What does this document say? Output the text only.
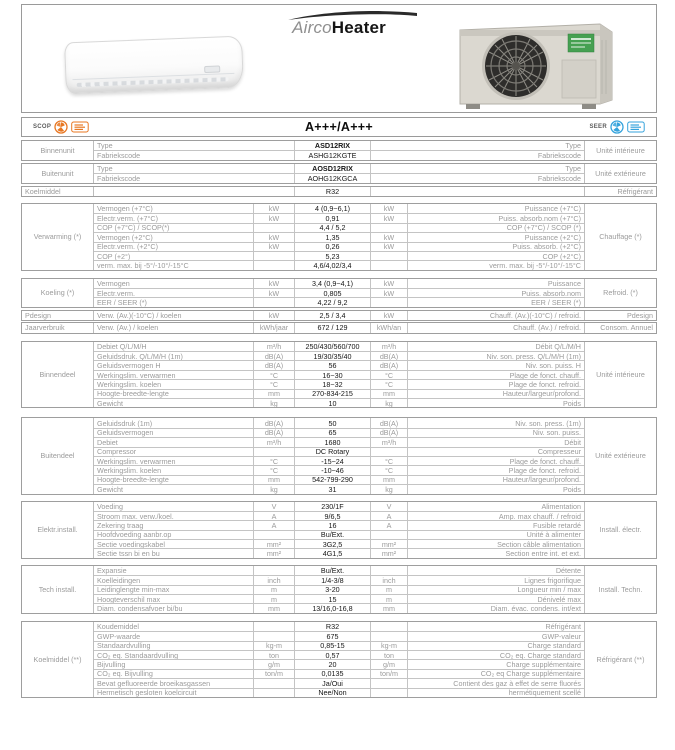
AircoHeater
SCOP	A+++/A+++	SEER
Binnenunit
Type	ASD12RIX	Type
Fabriekscode	ASHG12KGTE	Fabriekscode
Unité intérieure
Buitenunit
Type	AOSD12RIX	Type
Fabriekscode	AOHG12KGCA	Fabriekscode
Unité extérieure
Koelmiddel	R32	Réfrigérant
Verwarming (*)
Vermogen (+7°C)	kW	4 (0,9~6,1)	kW	Puissance (+7°C)
Electr.verm. (+7°C)	kW	0,91	kW	Puiss. absorb.nom (+7°C)
COP (+7°C) / SCOP(*)	4,4 / 5,2	COP (+7°C) / SCOP (*)
Vermogen (+2°C)	kW	1,35	kW	Puissance (+2°C)
Electr.verm. (+2°C)	kW	0,26	kW	Puiss. absorb. (+2°C)
COP (+2°)	5,23	COP (+2°C)
verm. max. bij -5°/-10°/-15°C	4,6/4,02/3,4	verm. max. bij -5°/-10°/-15°C
Chauffage (*)
Koeling (*)
Vermogen	kW	3,4 (0,9~4,1)	kW	Puissance
Electr.verm.	kW	0,805	kW	Puiss. absorb.nom
EER / SEER (*)	4,22 / 9,2	EER / SEER (*)
Refroid. (*)
Pdesign	Verw. (Av.)(-10°C) / koelen	kW	2,5 / 3,4	kW	Chauff. (Av.)(-10°C) / refroid.	Pdesign
Jaarverbruik	Verw. (Av.) / koelen	kWh/jaar	672 / 129	kWh/an	Chauff. (Av.) / refroid.	Consom. Annuel
Binnendeel
Debiet Q/L/M/H	m³/h	250/430/560/700	m³/h	Débit Q/L/M/H
Geluidsdruk. Q/L/M/H (1m)	dB(A)	19/30/35/40	dB(A)	Niv. son. press. Q/L/M/H (1m)
Geluidsvermogen H	dB(A)	56	dB(A)	Niv. son. puiss. H
Werkingslim. verwarmen	°C	16~30	°C	Plage de fonct. chauff.
Werkingslim. koelen	°C	18~32	°C	Plage de fonct. refroid.
Hoogte-breedte-lengte	mm	270-834-215	mm	Hauteur/largeur/profond.
Gewicht	kg	10	kg	Poids
Unité intérieure
Buitendeel
Geluidsdruk (1m)	dB(A)	50	dB(A)	Niv. son. press. (1m)
Geluidsvermogen	dB(A)	65	dB(A)	Niv. son. puiss.
Debiet	m³/h	1680	m³/h	Débit
Compressor	DC Rotary	Compresseur
Werkingslim. verwarmen	°C	-15~24	°C	Plage de fonct. chauff.
Werkingslim. koelen	°C	-10~46	°C	Plage de fonct. refroid.
Hoogte-breedte-lengte	mm	542-799-290	mm	Hauteur/largeur/profond.
Gewicht	kg	31	kg	Poids
Unité extérieure
Elektr.install.
Voeding	V	230/1F	V	Alimentation
Stroom max. verw./koel.	A	9/6,5	A	Amp. max chauff. / refroid
Zekering traag	A	16	A	Fusible retardé
Hoofdvoeding aanbr.op	Bu/Ext.	Unité à alimenter
Sectie voedingskabel	mm²	3G2,5	mm²	Section câble alimentation
Sectie tssn bi en bu	mm²	4G1,5	mm²	Section entre int. et ext.
Install. électr.
Tech install.
Expansie	Bu/Ext.	Détente
Koelleidingen	inch	1/4-3/8	inch	Lignes frigorifique
Leidinglengte min-max	m	3-20	m	Longueur min / max
Hoogteverschil max	m	15	m	Dénivelé max
Diam. condensafvoer bi/bu	mm	13/16,0-16,8	mm	Diam. évac. condens. int/ext
Install. Techn.
Koelmiddel (**)
Koudemiddel	R32	Réfrigérant
GWP-waarde	675	GWP-valeur
Standaardvulling	kg-m	0,85-15	kg-m	Charge standard
CO₂ eq. Standaardvulling	ton	0,57	ton	CO₂ eq. Charge standard
Bijvulling	g/m	20	g/m	Charge supplémentaire
CO₂ eq. Bijvulling	ton/m	0,0135	ton/m	CO₂ eq Charge supplémentaire
Bevat gefluoreerde broeikasgassen	Ja/Oui	Contient des gaz à effet de serre fluorés
Hermetisch gesloten koelcircuit	Nee/Non	hermétiquement scellé
Réfrigérant (**)
